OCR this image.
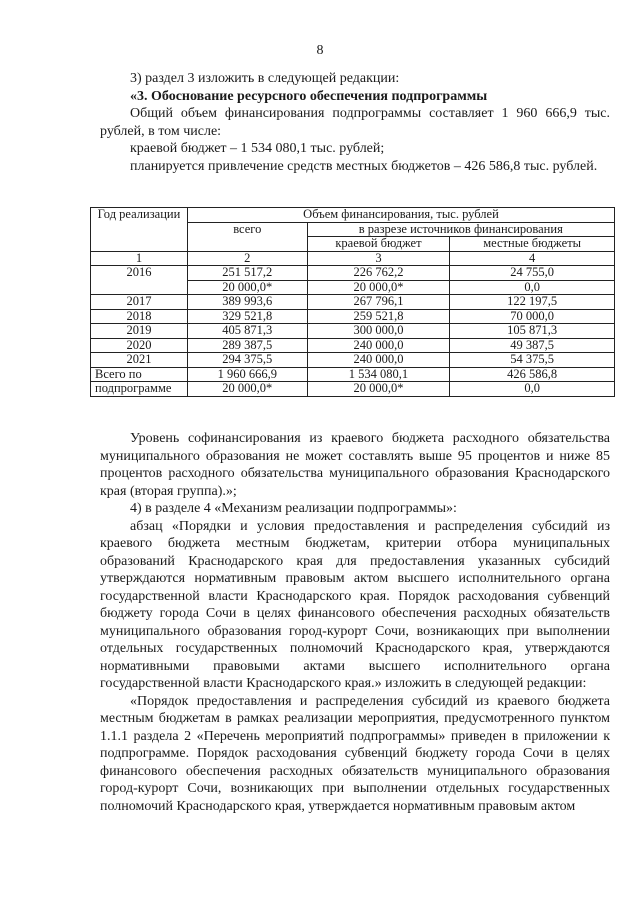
8

3) раздел 3 изложить в следующей редакции:

«3. Обоснование ресурсного обеспечения подпрограммы

Общий объем финансирования подпрограммы составляет 1 960 666,9 тыс. рублей, в том числе:

краевой бюджет – 1 534 080,1 тыс. рублей;

планируется привлечение средств местных бюджетов – 426 586,8 тыс. рублей.

Год реализации	Объем финансирования, тыс. рублей		
	всего	в разрезе источников финансирования	
		краевой бюджет	местные бюджеты
1	2	3	4
2016	251 517,2	226 762,2	24 755,0
	20 000,0*	20 000,0*	0,0
2017	389 993,6	267 796,1	122 197,5
2018	329 521,8	259 521,8	70 000,0
2019	405 871,3	300 000,0	105 871,3
2020	289 387,5	240 000,0	49 387,5
2021	294 375,5	240 000,0	54 375,5
Всего по	1 960 666,9	1 534 080,1	426 586,8
подпрограмме	20 000,0*	20 000,0*	0,0

Уровень софинансирования из краевого бюджета расходного обязательства муниципального образования не может составлять выше 95 процентов и ниже 85 процентов расходного обязательства муниципального образования Краснодарского края (вторая группа).»;

4) в разделе 4 «Механизм реализации подпрограммы»:

абзац «Порядки и условия предоставления и распределения субсидий из краевого бюджета местным бюджетам, критерии отбора муниципальных образований Краснодарского края для предоставления указанных субсидий утверждаются нормативным правовым актом высшего исполнительного органа государственной власти Краснодарского края. Порядок расходования субвенций бюджету города Сочи в целях финансового обеспечения расходных обязательств муниципального образования город-курорт Сочи, возникающих при выполнении отдельных государственных полномочий Краснодарского края, утверждаются нормативными правовыми актами высшего исполнительного органа государственной власти Краснодарского края.» изложить в следующей редакции:

«Порядок предоставления и распределения субсидий из краевого бюджета местным бюджетам в рамках реализации мероприятия, предусмотренного пунктом 1.1.1 раздела 2 «Перечень мероприятий подпрограммы» приведен в приложении к подпрограмме. Порядок расходования субвенций бюджету города Сочи в целях финансового обеспечения расходных обязательств муниципального образования город-курорт Сочи, возникающих при выполнении отдельных государственных полномочий Краснодарского края, утверждается нормативным правовым актом
